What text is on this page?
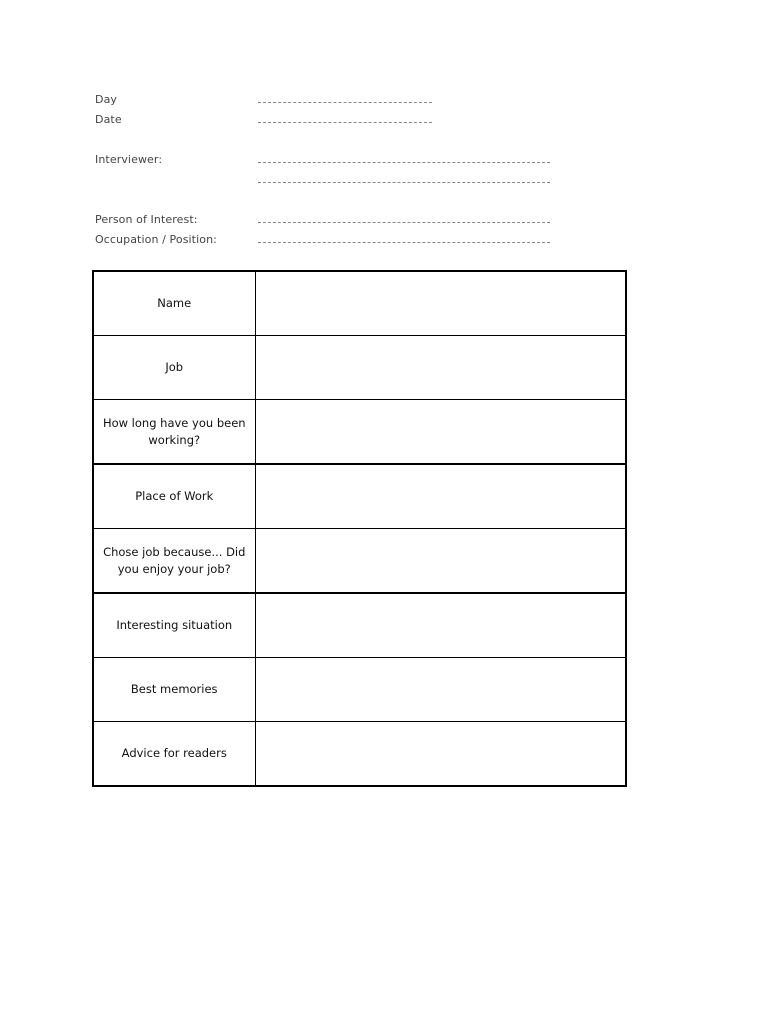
Day
Date
Interviewer:
Person of Interest:
Occupation / Position:
Name	
Job	
How long have you been working?	
Place of Work	
Chose job because... Did you enjoy your job?	
Interesting situation	
Best memories	
Advice for readers	
